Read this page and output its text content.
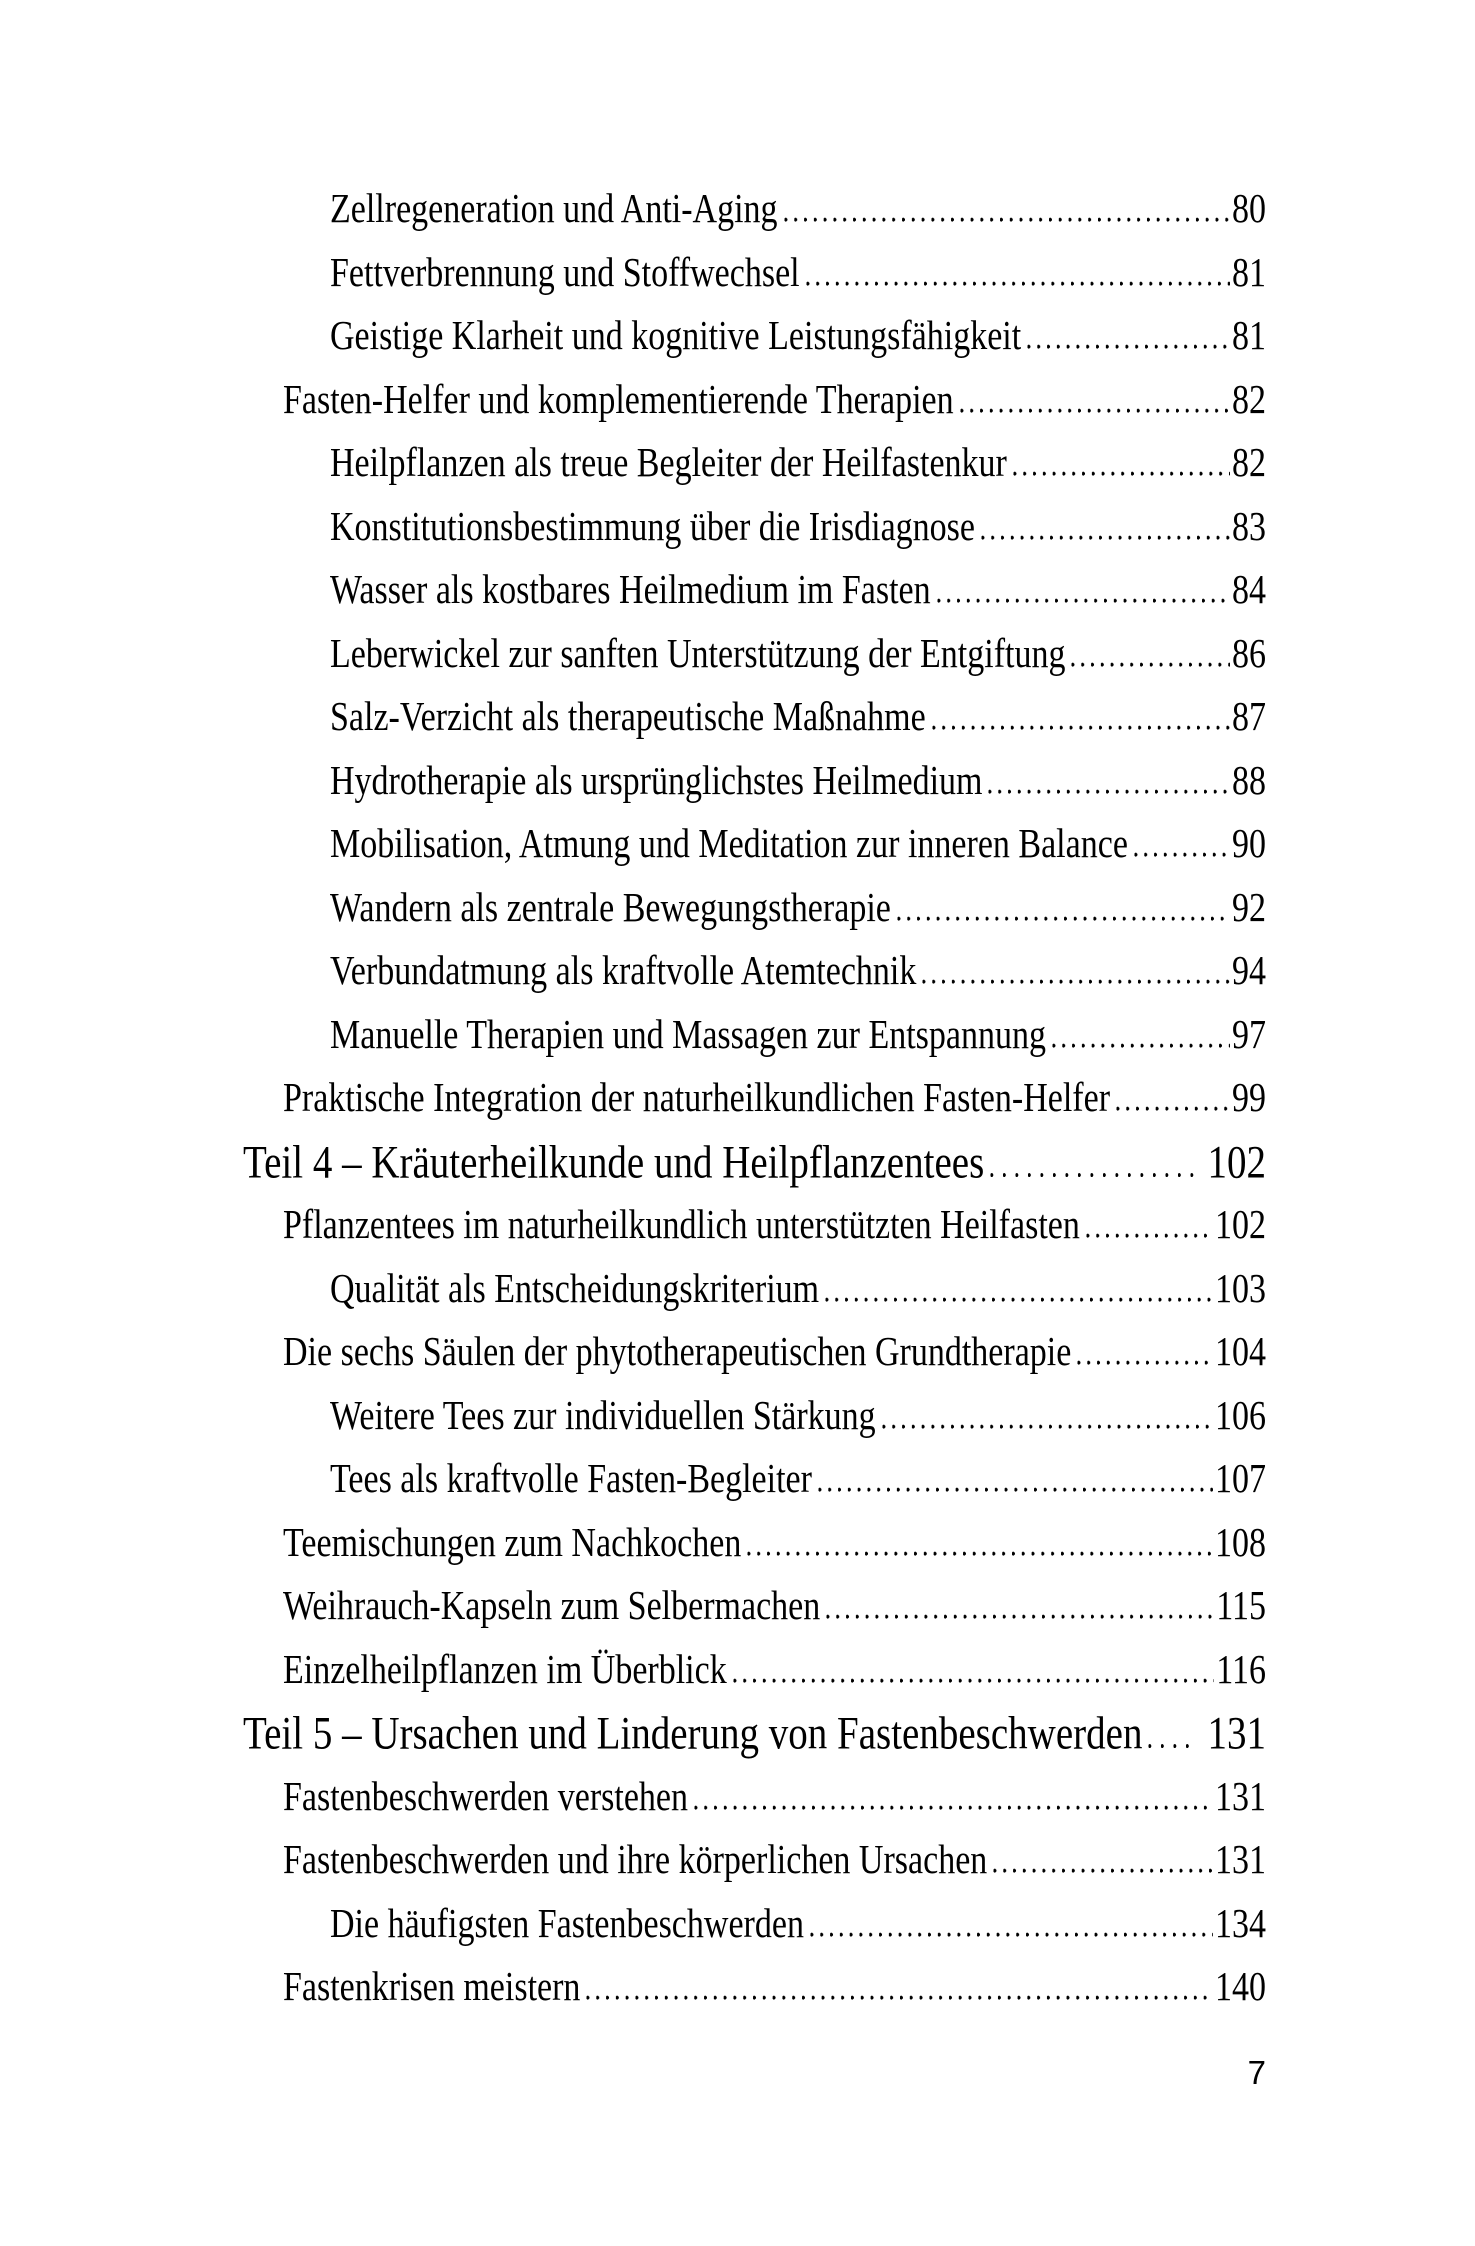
Zellregeneration und Anti-Aging	80
Fettverbrennung und Stoffwechsel	81
Geistige Klarheit und kognitive Leistungsfähigkeit	81
Fasten-Helfer und komplementierende Therapien	82
Heilpflanzen als treue Begleiter der Heilfastenkur	82
Konstitutionsbestimmung über die Irisdiagnose	83
Wasser als kostbares Heilmedium im Fasten	84
Leberwickel zur sanften Unterstützung der Entgiftung	86
Salz-Verzicht als therapeutische Maßnahme	87
Hydrotherapie als ursprünglichstes Heilmedium	88
Mobilisation, Atmung und Meditation zur inneren Balance	90
Wandern als zentrale Bewegungstherapie	92
Verbundatmung als kraftvolle Atemtechnik	94
Manuelle Therapien und Massagen zur Entspannung	97
Praktische Integration der naturheilkundlichen Fasten-Helfer	99
Teil 4 – Kräuterheilkunde und Heilpflanzentees	102
Pflanzentees im naturheilkundlich unterstützten Heilfasten	102
Qualität als Entscheidungskriterium	103
Die sechs Säulen der phytotherapeutischen Grundtherapie	104
Weitere Tees zur individuellen Stärkung	106
Tees als kraftvolle Fasten-Begleiter	107
Teemischungen zum Nachkochen	108
Weihrauch-Kapseln zum Selbermachen	115
Einzelheilpflanzen im Überblick	116
Teil 5 – Ursachen und Linderung von Fastenbeschwerden 131
Fastenbeschwerden verstehen	131
Fastenbeschwerden und ihre körperlichen Ursachen	131
Die häufigsten Fastenbeschwerden	134
Fastenkrisen meistern	140
7
